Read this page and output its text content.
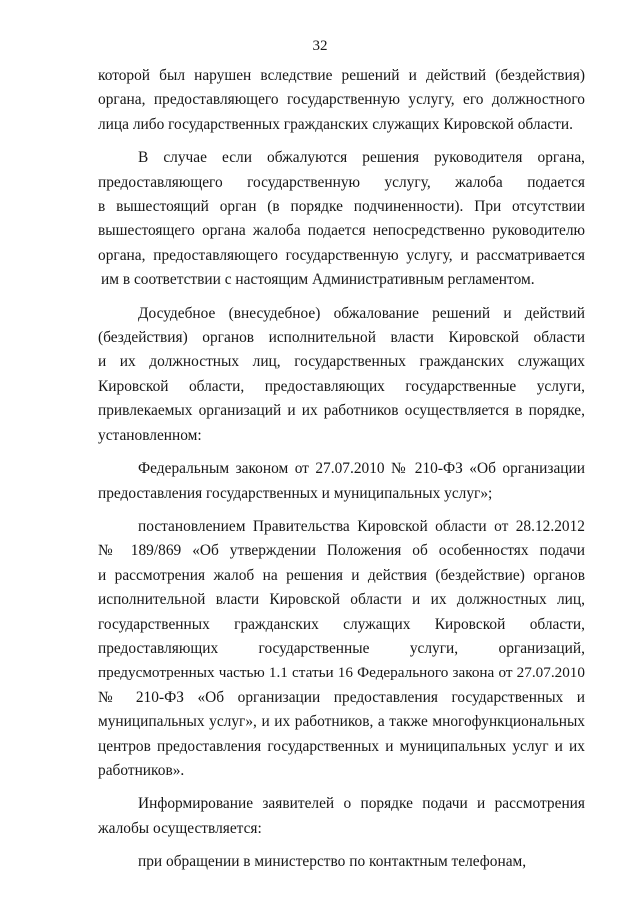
32
которой был нарушен вследствие решений и действий (бездействия)
органа, предоставляющего государственную услугу, его должностного
лица либо государственных гражданских служащих Кировской области.
В случае если обжалуются решения руководителя органа,
предоставляющего государственную услугу, жалоба подается
в вышестоящий орган (в порядке подчиненности). При отсутствии
вышестоящего органа жалоба подается непосредственно руководителю
органа, предоставляющего государственную услугу, и рассматривается
им в соответствии с настоящим Административным регламентом.
Досудебное (внесудебное) обжалование решений и действий
(бездействия) органов исполнительной власти Кировской области
и их должностных лиц, государственных гражданских служащих
Кировской области, предоставляющих государственные услуги,
привлекаемых организаций и их работников осуществляется в порядке,
установленном:
Федеральным законом от 27.07.2010 № 210-ФЗ «Об организации
предоставления государственных и муниципальных услуг»;
постановлением Правительства Кировской области от 28.12.2012
№ 189/869 «Об утверждении Положения об особенностях подачи
и рассмотрения жалоб на решения и действия (бездействие) органов
исполнительной власти Кировской области и их должностных лиц,
государственных гражданских служащих Кировской области,
предоставляющих государственные услуги, организаций,
предусмотренных частью 1.1 статьи 16 Федерального закона от 27.07.2010
№ 210-ФЗ «Об организации предоставления государственных и
муниципальных услуг», и их работников, а также многофункциональных
центров предоставления государственных и муниципальных услуг и их
работников».
Информирование заявителей о порядке подачи и рассмотрения
жалобы осуществляется:
при обращении в министерство по контактным телефонам,
